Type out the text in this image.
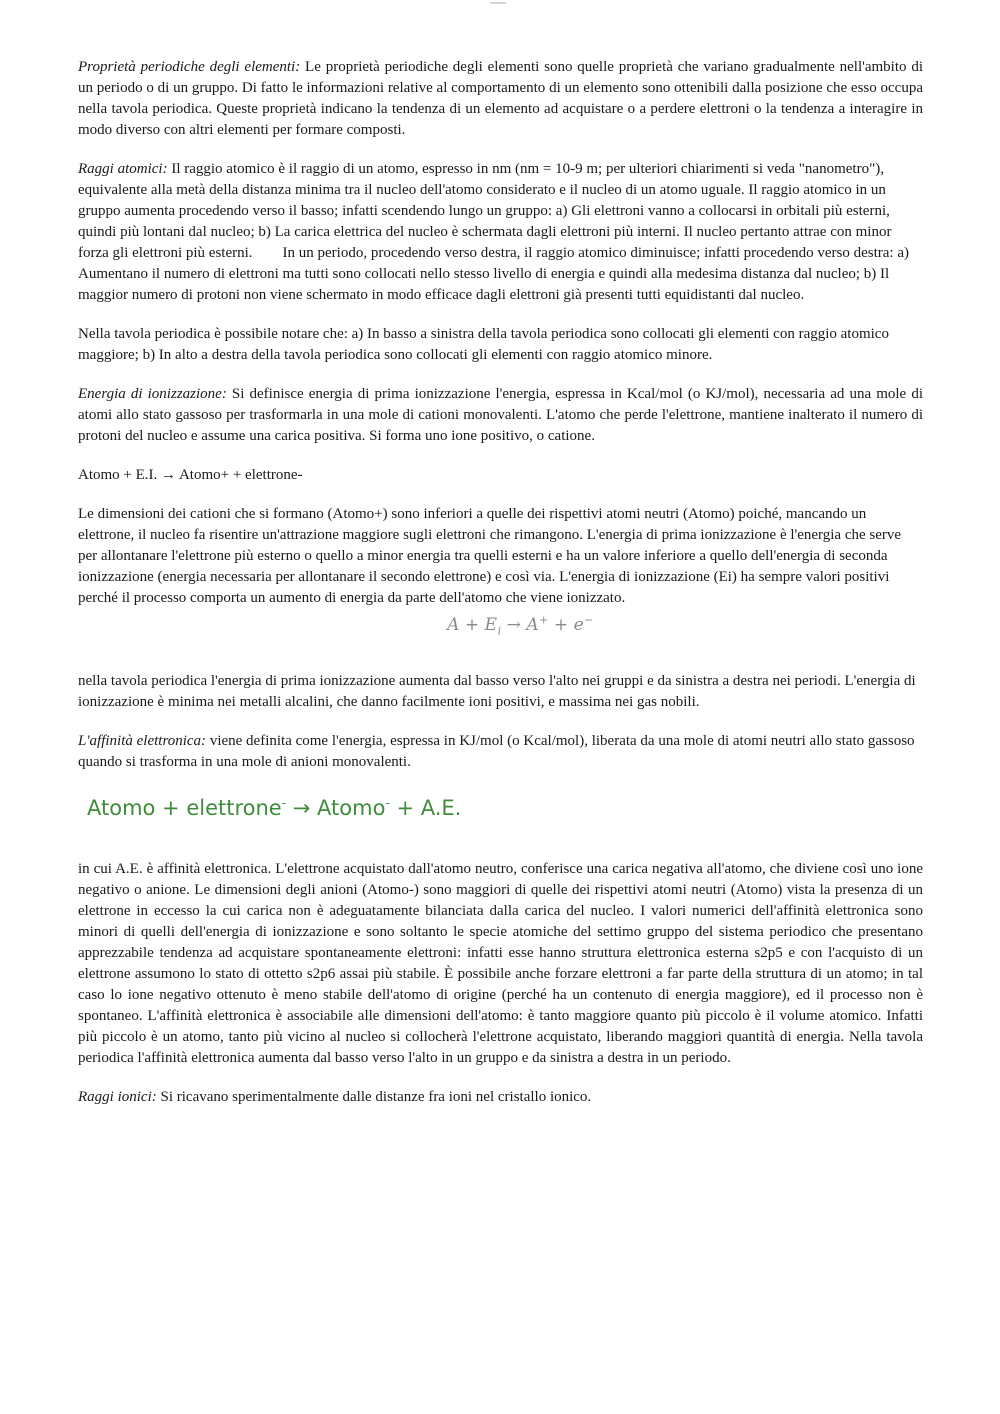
Proprietà periodiche degli elementi: Le proprietà periodiche degli elementi sono quelle proprietà che variano gradualmente nell'ambito di un periodo o di un gruppo. Di fatto le informazioni relative al comportamento di un elemento sono ottenibili dalla posizione che esso occupa nella tavola periodica. Queste proprietà indicano la tendenza di un elemento ad acquistare o a perdere elettroni o la tendenza a interagire in modo diverso con altri elementi per formare composti.

Raggi atomici: Il raggio atomico è il raggio di un atomo, espresso in nm (nm = 10-9 m; per ulteriori chiarimenti si veda "nanometro"), equivalente alla metà della distanza minima tra il nucleo dell'atomo considerato e il nucleo di un atomo uguale. Il raggio atomico in un gruppo aumenta procedendo verso il basso; infatti scendendo lungo un gruppo: a) Gli elettroni vanno a collocarsi in orbitali più esterni, quindi più lontani dal nucleo; b) La carica elettrica del nucleo è schermata dagli elettroni più interni. Il nucleo pertanto attrae con minor forza gli elettroni più esterni.        In un periodo, procedendo verso destra, il raggio atomico diminuisce; infatti procedendo verso destra: a) Aumentano il numero di elettroni ma tutti sono collocati nello stesso livello di energia e quindi alla medesima distanza dal nucleo; b) Il maggior numero di protoni non viene schermato in modo efficace dagli elettroni già presenti tutti equidistanti dal nucleo.

Nella tavola periodica è possibile notare che: a) In basso a sinistra della tavola periodica sono collocati gli elementi con raggio atomico maggiore; b) In alto a destra della tavola periodica sono collocati gli elementi con raggio atomico minore.

Energia di ionizzazione: Si definisce energia di prima ionizzazione l'energia, espressa in Kcal/mol (o KJ/mol), necessaria ad una mole di atomi allo stato gassoso per trasformarla in una mole di cationi monovalenti. L'atomo che perde l'elettrone, mantiene inalterato il numero di protoni del nucleo e assume una carica positiva. Si forma uno ione positivo, o catione.

Atomo + E.I. → Atomo+ + elettrone-

Le dimensioni dei cationi che si formano (Atomo+) sono inferiori a quelle dei rispettivi atomi neutri (Atomo) poiché, mancando un elettrone, il nucleo fa risentire un'attrazione maggiore sugli elettroni che rimangono. L'energia di prima ionizzazione è l'energia che serve per allontanare l'elettrone più esterno o quello a minor energia tra quelli esterni e ha un valore inferiore a quello dell'energia di seconda ionizzazione (energia necessaria per allontanare il secondo elettrone) e così via. L'energia di ionizzazione (Ei) ha sempre valori positivi perché il processo comporta un aumento di energia da parte dell'atomo che viene ionizzato.

$A + E_i \to A^+ + e^-$

nella tavola periodica l'energia di prima ionizzazione aumenta dal basso verso l'alto nei gruppi e da sinistra a destra nei periodi. L'energia di ionizzazione è minima nei metalli alcalini, che danno facilmente ioni positivi, e massima nei gas nobili.

L'affinità elettronica: viene definita come l'energia, espressa in KJ/mol (o Kcal/mol), liberata da una mole di atomi neutri allo stato gassoso quando si trasforma in una mole di anioni monovalenti.

Atomo + elettrone- → Atomo- + A.E.

in cui A.E. è affinità elettronica. L'elettrone acquistato dall'atomo neutro, conferisce una carica negativa all'atomo, che diviene così uno ione negativo o anione. Le dimensioni degli anioni (Atomo-) sono maggiori di quelle dei rispettivi atomi neutri (Atomo) vista la presenza di un elettrone in eccesso la cui carica non è adeguatamente bilanciata dalla carica del nucleo. I valori numerici dell'affinità elettronica sono minori di quelli dell'energia di ionizzazione e sono soltanto le specie atomiche del settimo gruppo del sistema periodico che presentano apprezzabile tendenza ad acquistare spontaneamente elettroni: infatti esse hanno struttura elettronica esterna s2p5 e con l'acquisto di un elettrone assumono lo stato di ottetto s2p6 assai più stabile. È possibile anche forzare elettroni a far parte della struttura di un atomo; in tal caso lo ione negativo ottenuto è meno stabile dell'atomo di origine (perché ha un contenuto di energia maggiore), ed il processo non è spontaneo. L'affinità elettronica è associabile alle dimensioni dell'atomo: è tanto maggiore quanto più piccolo è il volume atomico. Infatti più piccolo è un atomo, tanto più vicino al nucleo si collocherà l'elettrone acquistato, liberando maggiori quantità di energia. Nella tavola periodica l'affinità elettronica aumenta dal basso verso l'alto in un gruppo e da sinistra a destra in un periodo.

Raggi ionici: Si ricavano sperimentalmente dalle distanze fra ioni nel cristallo ionico.
